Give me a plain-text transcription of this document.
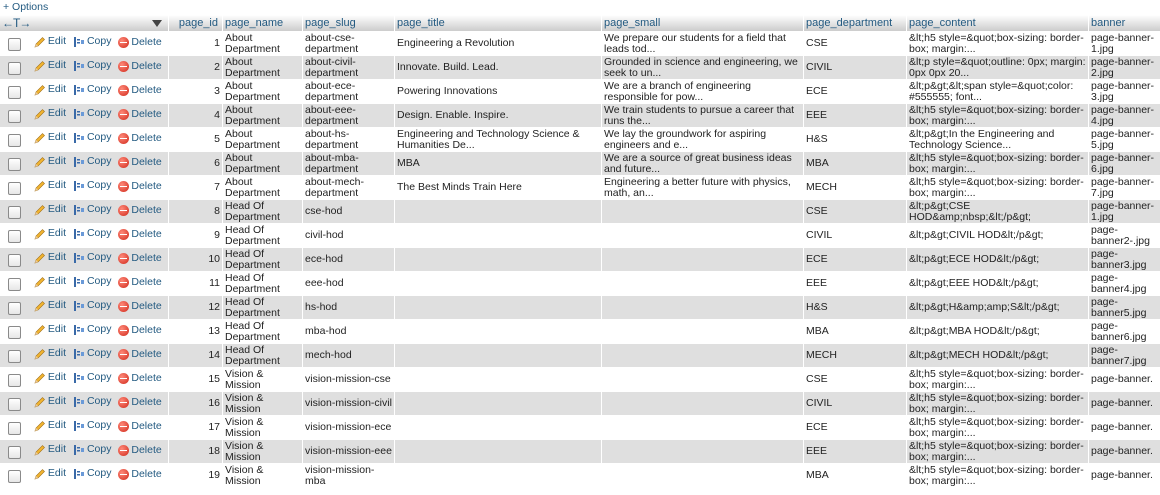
+ Options
←T→	page_id	page_name	page_slug	page_title	page_small	page_department	page_content	banner

Edit
Copy
Delete	1	About Department	about-cse-department	Engineering a Revolution	We prepare our students for a field that leads tod...	CSE	&lt;h5 style=&quot;box-sizing: border-box; margin:...	page-banner-1.jpg

Edit
Copy
Delete	2	About Department	about-civil-department	Innovate. Build. Lead.	Grounded in science and engineering, we seek to un...	CIVIL	&lt;p style=&quot;outline: 0px; margin: 0px 0px 20...	page-banner-2.jpg

Edit
Copy
Delete	3	About Department	about-ece-department	Powering Innovations	We are a branch of engineering responsible for pow...	ECE	&lt;p&gt;&lt;span style=&quot;color: #555555; font...	page-banner-3.jpg

Edit
Copy
Delete	4	About Department	about-eee-department	Design. Enable. Inspire.	We train students to pursue a career that runs the...	EEE	&lt;h5 style=&quot;box-sizing: border-box; margin:...	page-banner-4.jpg

Edit
Copy
Delete	5	About Department	about-hs-department	Engineering and Technology Science & Humanities De...	We lay the groundwork for aspiring engineers and e...	H&S	&lt;p&gt;In the Engineering and Technology Science...	page-banner-5.jpg

Edit
Copy
Delete	6	About Department	about-mba-department	MBA	We are a source of great business ideas and future...	MBA	&lt;h5 style=&quot;box-sizing: border-box; margin:...	page-banner-6.jpg

Edit
Copy
Delete	7	About Department	about-mech-department	The Best Minds Train Here	Engineering a better future with physics, math, an...	MECH	&lt;h5 style=&quot;box-sizing: border-box; margin:...	page-banner-7.jpg

Edit
Copy
Delete	8	Head Of Department	cse-hod			CSE	&lt;p&gt;CSE HOD&amp;nbsp;&lt;/p&gt;	page-banner-1.jpg

Edit
Copy
Delete	9	Head Of Department	civil-hod			CIVIL	&lt;p&gt;CIVIL HOD&lt;/p&gt;	page-banner2-.jpg

Edit
Copy
Delete	10	Head Of Department	ece-hod			ECE	&lt;p&gt;ECE HOD&lt;/p&gt;	page-banner3.jpg

Edit
Copy
Delete	11	Head Of Department	eee-hod			EEE	&lt;p&gt;EEE HOD&lt;/p&gt;	page-banner4.jpg

Edit
Copy
Delete	12	Head Of Department	hs-hod			H&S	&lt;p&gt;H&amp;amp;S&lt;/p&gt;	page-banner5.jpg

Edit
Copy
Delete	13	Head Of Department	mba-hod			MBA	&lt;p&gt;MBA HOD&lt;/p&gt;	page-banner6.jpg

Edit
Copy
Delete	14	Head Of Department	mech-hod			MECH	&lt;p&gt;MECH HOD&lt;/p&gt;	page-banner7.jpg

Edit
Copy
Delete	15	Vision & Mission	vision-mission-cse			CSE	&lt;h5 style=&quot;box-sizing: border-box; margin:...	page-banner.

Edit
Copy
Delete	16	Vision & Mission	vision-mission-civil			CIVIL	&lt;h5 style=&quot;box-sizing: border-box; margin:...	page-banner.

Edit
Copy
Delete	17	Vision & Mission	vision-mission-ece			ECE	&lt;h5 style=&quot;box-sizing: border-box; margin:...	page-banner.

Edit
Copy
Delete	18	Vision & Mission	vision-mission-eee			EEE	&lt;h5 style=&quot;box-sizing: border-box; margin:...	page-banner.

Edit
Copy
Delete	19	Vision & Mission	vision-mission-mba			MBA	&lt;h5 style=&quot;box-sizing: border-box; margin:...	page-banner.
